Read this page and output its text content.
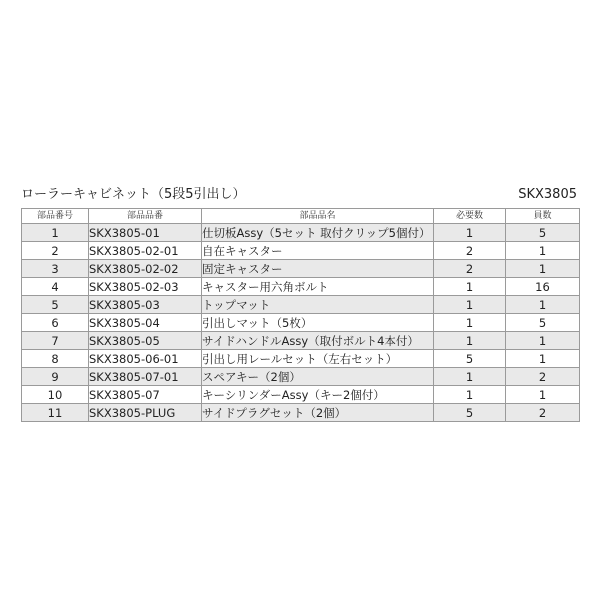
ローラーキャビネット（5段5引出し）	SKX3805
部品番号	部品品番	部品品名	必要数	員数
1	SKX3805-01	仕切板Assy（5セット 取付クリップ5個付）	1	5
2	SKX3805-02-01	自在キャスター	2	1
3	SKX3805-02-02	固定キャスター	2	1
4	SKX3805-02-03	キャスター用六角ボルト	1	16
5	SKX3805-03	トップマット	1	1
6	SKX3805-04	引出しマット（5枚）	1	5
7	SKX3805-05	サイドハンドルAssy（取付ボルト4本付）	1	1
8	SKX3805-06-01	引出し用レールセット（左右セット）	5	1
9	SKX3805-07-01	スペアキー（2個）	1	2
10	SKX3805-07	キーシリンダーAssy（キー2個付）	1	1
11	SKX3805-PLUG	サイドプラグセット（2個）	5	2
